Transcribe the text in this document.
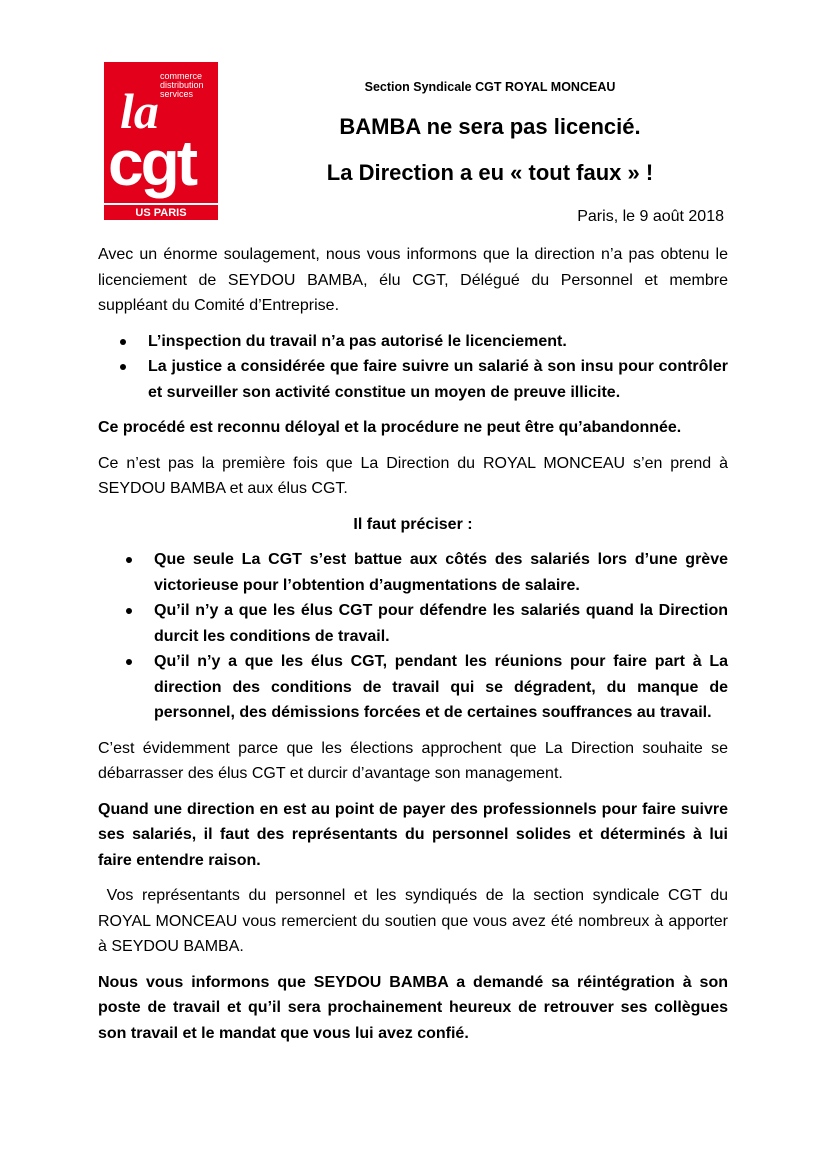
commerce
distribution
services
la
cgt
US PARIS
Section Syndicale CGT ROYAL MONCEAU
BAMBA ne sera pas licencié.
La Direction a eu « tout faux » !
Paris, le 9 août 2018

Avec un énorme soulagement, nous vous informons que la direction n’a pas obtenu le licenciement de SEYDOU BAMBA, élu CGT, Délégué du Personnel et membre suppléant du Comité d’Entreprise.

L’inspection du travail n’a pas autorisé le licenciement.
La justice a considérée que faire suivre un salarié à son insu pour contrôler et surveiller son activité constitue un moyen de preuve illicite.

Ce procédé est reconnu déloyal et la procédure ne peut être qu’abandonnée.

Ce n’est pas la première fois que La Direction du ROYAL MONCEAU s’en prend à SEYDOU BAMBA et aux élus CGT.

Il faut préciser :

Que seule La CGT s’est battue aux côtés des salariés lors d’une grève victorieuse pour l’obtention d’augmentations de salaire.
Qu’il n’y a que les élus CGT pour défendre les salariés quand la Direction durcit les conditions de travail.
Qu’il n’y a que les élus CGT, pendant les réunions pour faire part à La direction des conditions de travail qui se dégradent, du manque de personnel, des démissions forcées et de certaines souffrances au travail.

C’est évidemment parce que les élections approchent que La Direction souhaite se débarrasser des élus CGT et durcir d’avantage son management.

Quand une direction en est au point de payer des professionnels pour faire suivre ses salariés, il faut des représentants du personnel solides et déterminés à lui faire entendre raison.

Vos représentants du personnel et les syndiqués de la section syndicale CGT du ROYAL MONCEAU vous remercient du soutien que vous avez été nombreux à apporter à SEYDOU BAMBA.

Nous vous informons que SEYDOU BAMBA a demandé sa réintégration à son poste de travail et qu’il sera prochainement heureux de retrouver ses collègues son travail et le mandat que vous lui avez confié.
